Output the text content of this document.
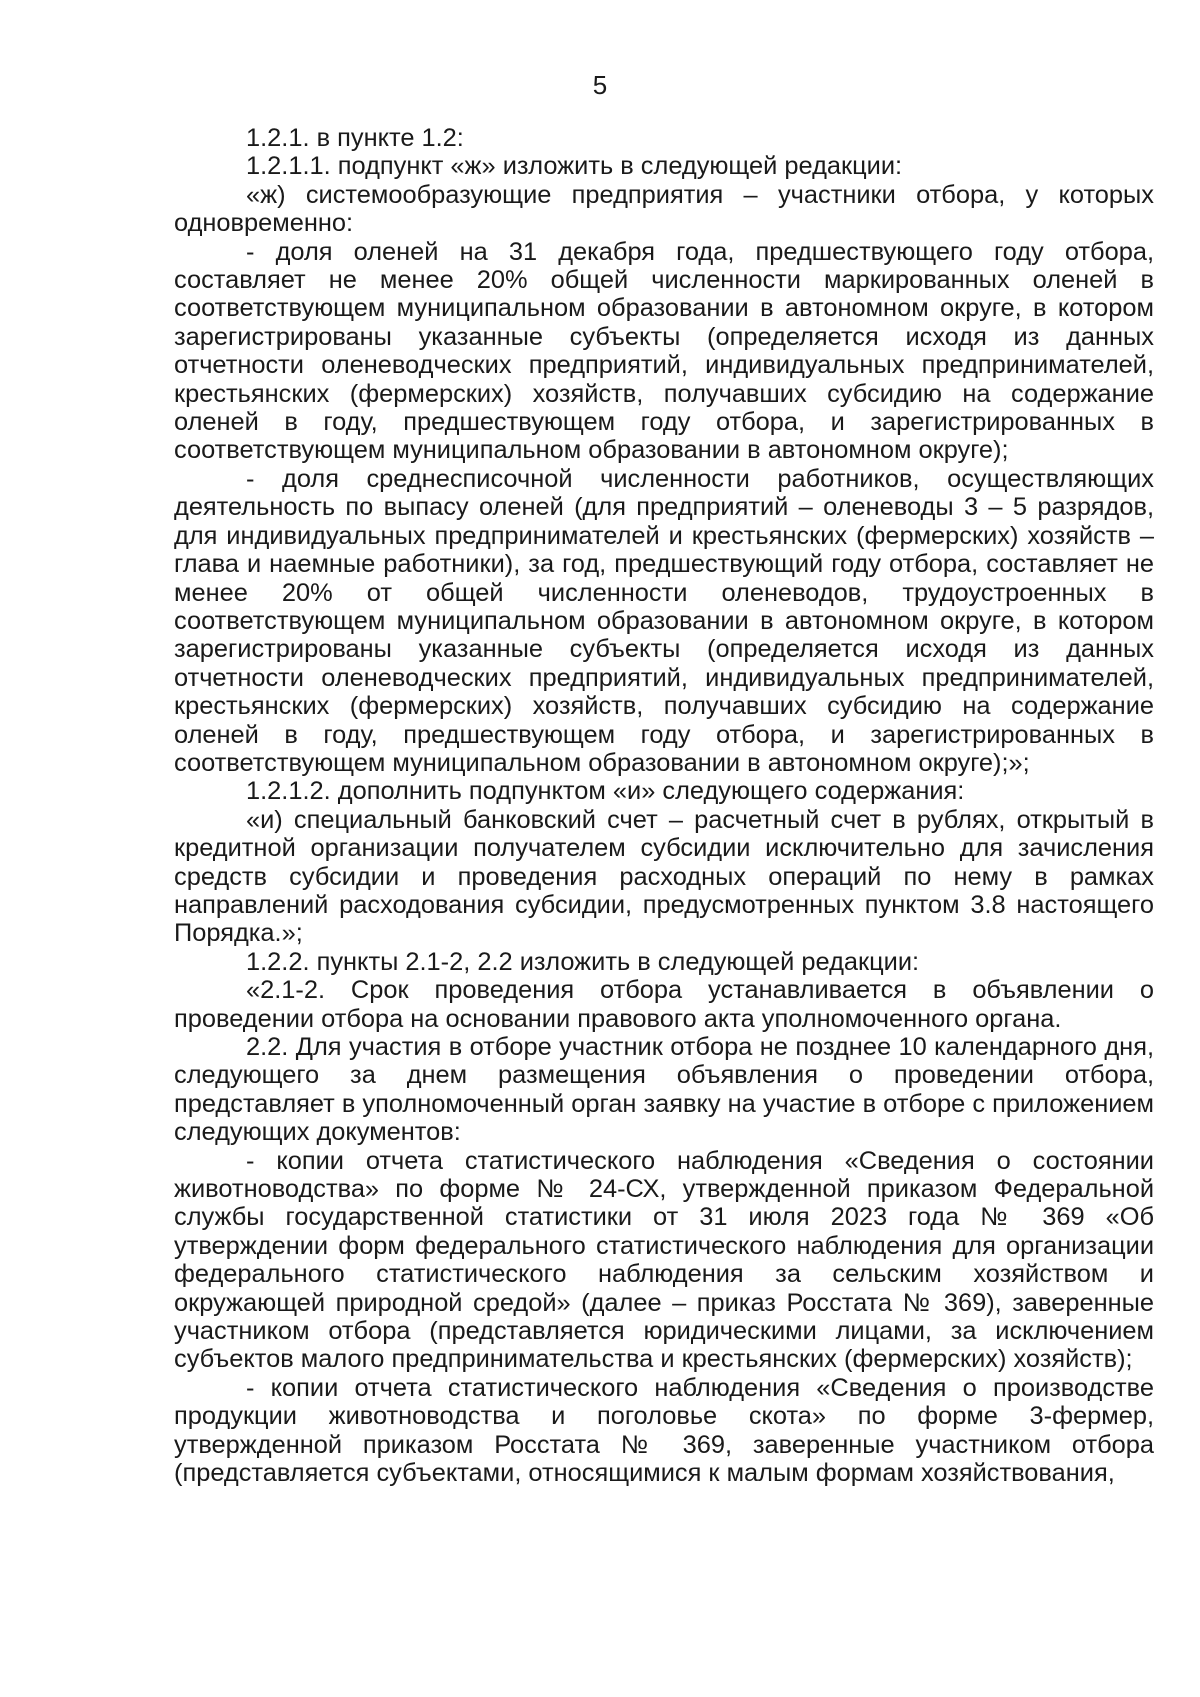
5

1.2.1. в пункте 1.2:

1.2.1.1. подпункт «ж» изложить в следующей редакции:

«ж) системообразующие предприятия – участники отбора, у которых одновременно:

- доля оленей на 31 декабря года, предшествующего году отбора, составляет не менее 20% общей численности маркированных оленей в соответствующем муниципальном образовании в автономном округе, в котором зарегистрированы указанные субъекты (определяется исходя из данных отчетности оленеводческих предприятий, индивидуальных предпринимателей, крестьянских (фермерских) хозяйств, получавших субсидию на содержание оленей в году, предшествующем году отбора, и зарегистрированных в соответствующем муниципальном образовании в автономном округе);

- доля среднесписочной численности работников, осуществляющих деятельность по выпасу оленей (для предприятий – оленеводы 3 – 5 разрядов, для индивидуальных предпринимателей и крестьянских (фермерских) хозяйств – глава и наемные работники), за год, предшествующий году отбора, составляет не менее 20% от общей численности оленеводов, трудоустроенных в соответствующем муниципальном образовании в автономном округе, в котором зарегистрированы указанные субъекты (определяется исходя из данных отчетности оленеводческих предприятий, индивидуальных предпринимателей, крестьянских (фермерских) хозяйств, получавших субсидию на содержание оленей в году, предшествующем году отбора, и зарегистрированных в соответствующем муниципальном образовании в автономном округе);»;

1.2.1.2. дополнить подпунктом «и» следующего содержания:

«и) специальный банковский счет – расчетный счет в рублях, открытый в кредитной организации получателем субсидии исключительно для зачисления средств субсидии и проведения расходных операций по нему в рамках направлений расходования субсидии, предусмотренных пунктом 3.8 настоящего Порядка.»;

1.2.2. пункты 2.1-2, 2.2 изложить в следующей редакции:

«2.1-2. Срок проведения отбора устанавливается в объявлении о проведении отбора на основании правового акта уполномоченного органа.

2.2. Для участия в отборе участник отбора не позднее 10 календарного дня, следующего за днем размещения объявления о проведении отбора, представляет в уполномоченный орган заявку на участие в отборе с приложением следующих документов:

- копии отчета статистического наблюдения «Сведения о состоянии животноводства» по форме № 24-СХ, утвержденной приказом Федеральной службы государственной статистики от 31 июля 2023 года № 369 «Об утверждении форм федерального статистического наблюдения для организации федерального статистического наблюдения за сельским хозяйством и окружающей природной средой» (далее – приказ Росстата № 369), заверенные участником отбора (представляется юридическими лицами, за исключением субъектов малого предпринимательства и крестьянских (фермерских) хозяйств);

- копии отчета статистического наблюдения «Сведения о производстве продукции животноводства и поголовье скота» по форме 3-фермер, утвержденной приказом Росстата № 369, заверенные участником отбора (представляется субъектами, относящимися к малым формам хозяйствования,
